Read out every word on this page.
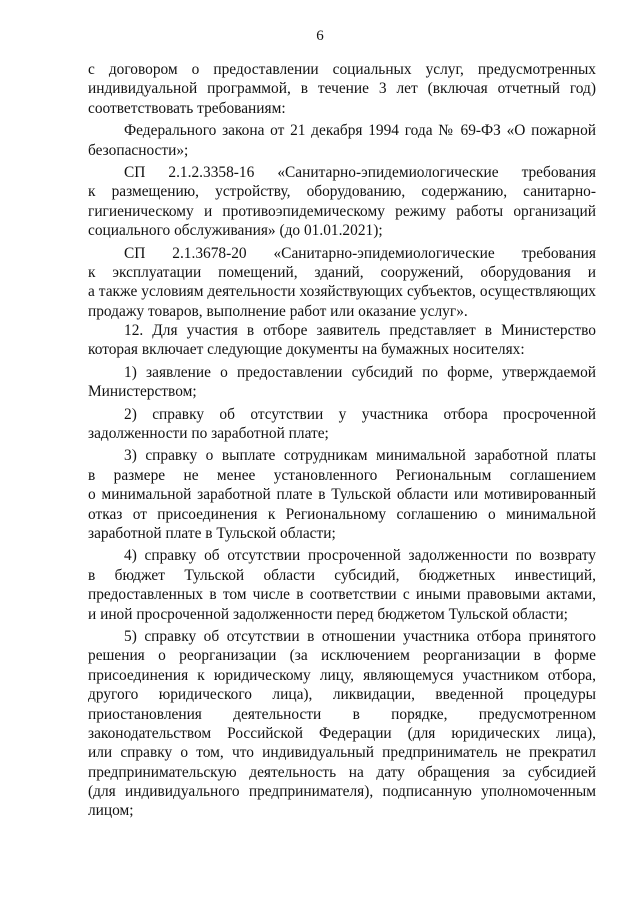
6
с договором о предоставлении социальных услуг, предусмотренных
индивидуальной программой, в течение 3 лет (включая отчетный год)
соответствовать требованиям:
Федерального закона от 21 декабря 1994 года № 69-ФЗ «О пожарной
безопасности»;
СП 2.1.2.3358-16 «Санитарно-эпидемиологические требования
к размещению, устройству, оборудованию, содержанию, санитарно-
гигиеническому и противоэпидемическому режиму работы организаций
социального обслуживания» (до 01.01.2021);
СП 2.1.3678-20 «Санитарно-эпидемиологические требования
к эксплуатации помещений, зданий, сооружений, оборудования и
а также условиям деятельности хозяйствующих субъектов, осуществляющих
продажу товаров, выполнение работ или оказание услуг».
12. Для участия в отборе заявитель представляет в Министерство
которая включает следующие документы на бумажных носителях:
1) заявление о предоставлении субсидий по форме, утверждаемой
Министерством;
2) справку об отсутствии у участника отбора просроченной
задолженности по заработной плате;
3) справку о выплате сотрудникам минимальной заработной платы
в размере не менее установленного Региональным соглашением
о минимальной заработной плате в Тульской области или мотивированный
отказ от присоединения к Региональному соглашению о минимальной
заработной плате в Тульской области;
4) справку об отсутствии просроченной задолженности по возврату
в бюджет Тульской области субсидий, бюджетных инвестиций,
предоставленных в том числе в соответствии с иными правовыми актами,
и иной просроченной задолженности перед бюджетом Тульской области;
5) справку об отсутствии в отношении участника отбора принятого
решения о реорганизации (за исключением реорганизации в форме
присоединения к юридическому лицу, являющемуся участником отбора,
другого юридического лица), ликвидации, введенной процедуры
приостановления деятельности в порядке, предусмотренном
законодательством Российской Федерации (для юридических лица),
или справку о том, что индивидуальный предприниматель не прекратил
предпринимательскую деятельность на дату обращения за субсидией
(для индивидуального предпринимателя), подписанную уполномоченным
лицом;
